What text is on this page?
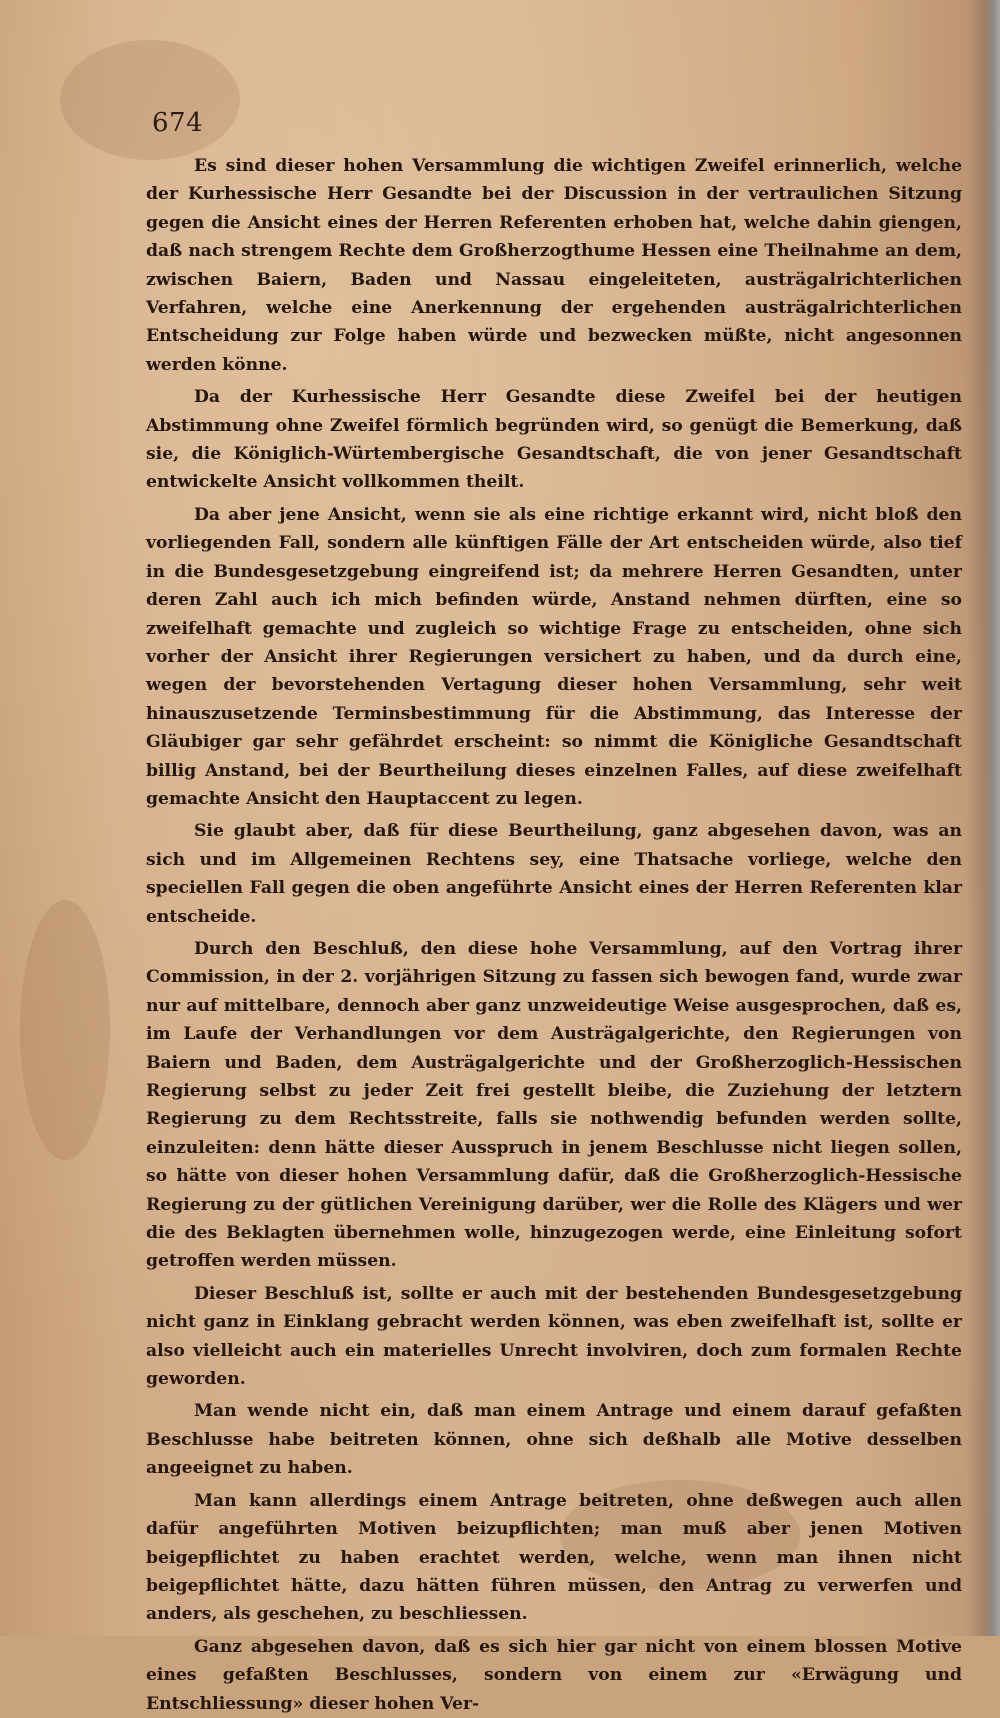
674

Es sind dieser hohen Versammlung die wichtigen Zweifel erinnerlich, welche der Kurhessische Herr Gesandte bei der Discussion in der vertraulichen Sitzung gegen die Ansicht eines der Herren Referenten erhoben hat, welche dahin giengen, daß nach strengem Rechte dem Großherzogthume Hessen eine Theilnahme an dem, zwischen Baiern, Baden und Nassau eingeleiteten, austrägalrichterlichen Verfahren, welche eine Anerkennung der ergehenden austrägalrichterlichen Entscheidung zur Folge haben würde und bezwecken müßte, nicht angesonnen werden könne.

Da der Kurhessische Herr Gesandte diese Zweifel bei der heutigen Abstimmung ohne Zweifel förmlich begründen wird, so genügt die Bemerkung, daß sie, die Königlich-Würtembergische Gesandtschaft, die von jener Gesandtschaft entwickelte Ansicht vollkommen theilt.

Da aber jene Ansicht, wenn sie als eine richtige erkannt wird, nicht bloß den vorliegenden Fall, sondern alle künftigen Fälle der Art entscheiden würde, also tief in die Bundesgesetzgebung eingreifend ist; da mehrere Herren Gesandten, unter deren Zahl auch ich mich befinden würde, Anstand nehmen dürften, eine so zweifelhaft gemachte und zugleich so wichtige Frage zu entscheiden, ohne sich vorher der Ansicht ihrer Regierungen versichert zu haben, und da durch eine, wegen der bevorstehenden Vertagung dieser hohen Versammlung, sehr weit hinauszusetzende Terminsbestimmung für die Abstimmung, das Interesse der Gläubiger gar sehr gefährdet erscheint: so nimmt die Königliche Gesandtschaft billig Anstand, bei der Beurtheilung dieses einzelnen Falles, auf diese zweifelhaft gemachte Ansicht den Hauptaccent zu legen.

Sie glaubt aber, daß für diese Beurtheilung, ganz abgesehen davon, was an sich und im Allgemeinen Rechtens sey, eine Thatsache vorliege, welche den speciellen Fall gegen die oben angeführte Ansicht eines der Herren Referenten klar entscheide.

Durch den Beschluß, den diese hohe Versammlung, auf den Vortrag ihrer Commission, in der 2. vorjährigen Sitzung zu fassen sich bewogen fand, wurde zwar nur auf mittelbare, dennoch aber ganz unzweideutige Weise ausgesprochen, daß es, im Laufe der Verhandlungen vor dem Austrägalgerichte, den Regierungen von Baiern und Baden, dem Austrägalgerichte und der Großherzoglich-Hessischen Regierung selbst zu jeder Zeit frei gestellt bleibe, die Zuziehung der letztern Regierung zu dem Rechtsstreite, falls sie nothwendig befunden werden sollte, einzuleiten: denn hätte dieser Ausspruch in jenem Beschlusse nicht liegen sollen, so hätte von dieser hohen Versammlung dafür, daß die Großherzoglich-Hessische Regierung zu der gütlichen Vereinigung darüber, wer die Rolle des Klägers und wer die des Beklagten übernehmen wolle, hinzugezogen werde, eine Einleitung sofort getroffen werden müssen.

Dieser Beschluß ist, sollte er auch mit der bestehenden Bundesgesetzgebung nicht ganz in Einklang gebracht werden können, was eben zweifelhaft ist, sollte er also vielleicht auch ein materielles Unrecht involviren, doch zum formalen Rechte geworden.

Man wende nicht ein, daß man einem Antrage und einem darauf gefaßten Beschlusse habe beitreten können, ohne sich deßhalb alle Motive desselben angeeignet zu haben.

Man kann allerdings einem Antrage beitreten, ohne deßwegen auch allen dafür angeführten Motiven beizupflichten; man muß aber jenen Motiven beigepflichtet zu haben erachtet werden, welche, wenn man ihnen nicht beigepflichtet hätte, dazu hätten führen müssen, den Antrag zu verwerfen und anders, als geschehen, zu beschliessen.

Ganz abgesehen davon, daß es sich hier gar nicht von einem blossen Motive eines gefaßten Beschlusses, sondern von einem zur «Erwägung und Entschliessung» dieser hohen Ver-
